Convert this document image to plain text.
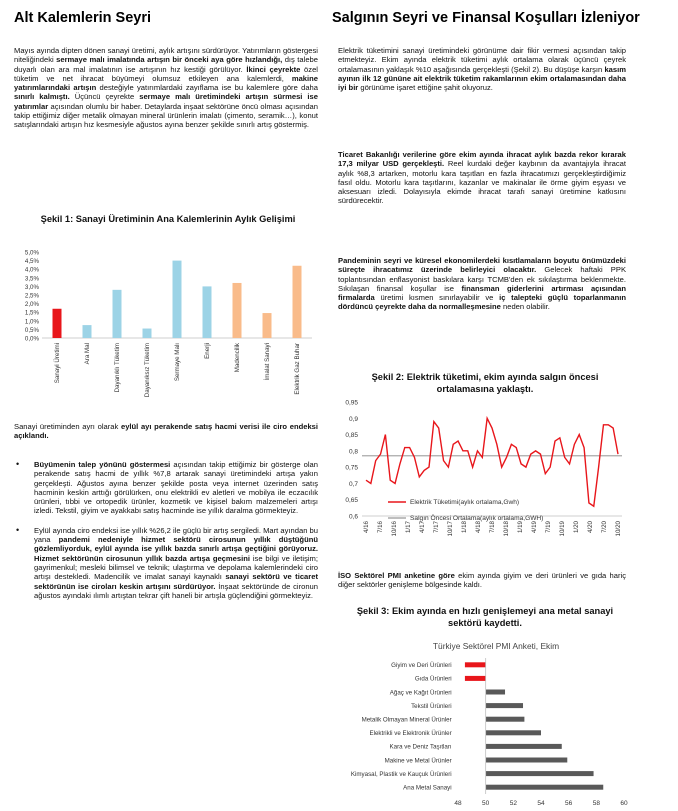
Alt Kalemlerin Seyri

Mayıs ayında dipten dönen sanayi üretimi, aylık artışını sürdürüyor. Yatırımların göstergesi niteliğindeki sermaye malı imalatında artışın bir önceki aya göre hızlandığı, dış talebe duyarlı olan ara mal imalatının ise artışının hız kestiği görülüyor. İkinci çeyrekte özel tüketim ve net ihracat büyümeyi olumsuz etkileyen ana kalemlerdi, makine yatırımlarındaki artışın desteğiyle yatırımlardaki zayıflama ise bu kalemlere göre daha sınırlı kalmıştı. Üçüncü çeyrekte sermaye malı üretimindeki artışın sürmesi ise yatırımlar açısından olumlu bir haber. Detaylarda inşaat sektörüne öncü olması açısından takip ettiğimiz diğer metalik olmayan mineral ürünlerin imalatı (çimento, seramik…), konut satışlarındaki artışın hız kesmesiyle ağustos ayına benzer şekilde sınırlı artış göstermiş.

Şekil 1: Sanayi Üretiminin Ana Kalemlerinin Aylık Gelişimi
0,0%
0,5%
1,0%
1,5%
2,0%
2,5%
3,0%
3,5%
4,0%
4,5%
5,0%
Sanayi Üretimi	Ara Mal	Dayanıklı Tüketim	Dayanıksız Tüketim	Sermaye Malı	Enerji	Madencilik	İmalat Sanayi	Elektrik Gaz Buhar

Sanayi üretiminden ayrı olarak eylül ayı perakende satış hacmi verisi ile ciro endeksi açıklandı.

• Büyümenin talep yönünü göstermesi açısından takip ettiğimiz bir gösterge olan perakende satış hacmi de yıllık %7,8 artarak sanayi üretimindeki artışa yakın gerçekleşti. Ağustos ayına benzer şekilde posta veya internet üzerinden satış hacminin keskin arttığı görülürken, onu elektrikli ev aletleri ve mobilya ile eczacılık ürünleri, tıbbi ve ortopedik ürünler, kozmetik ve kişisel bakım malzemeleri artışı izledi. Tekstil, giyim ve ayakkabı satış hacminde ise yıllık daralma görmekteyiz.
• Eylül ayında ciro endeksi ise yıllık %26,2 ile güçlü bir artış sergiledi. Mart ayından bu yana pandemi nedeniyle hizmet sektörü cirosunun yıllık düştüğünü gözlemliyorduk, eylül ayında ise yıllık bazda sınırlı artışa geçtiğini görüyoruz. Hizmet sektörünün cirosunun yıllık bazda artışa geçmesini ise bilgi ve iletişim; gayrimenkul; mesleki bilimsel ve teknik; ulaştırma ve depolama kalemlerindeki ciro artışı destekledi. Madencilik ve imalat sanayi kaynaklı sanayi sektörü ve ticaret sektörünün ise ciroları keskin artışını sürdürüyor. İnşaat sektöründe de cironun ağustos ayındaki ılımlı artıştan tekrar çift haneli bir artışla güçlendiğini görmekteyiz.
Salgının Seyri ve Finansal Koşulları İzleniyor

Elektrik tüketimini sanayi üretimindeki görünüme dair fikir vermesi açısından takip etmekteyiz. Ekim ayında elektrik tüketimi aylık ortalama olarak üçüncü çeyrek ortalamasının yaklaşık %10 aşağısında gerçekleşti (Şekil 2). Bu düşüşe karşın kasım ayının ilk 12 gününe ait elektrik tüketim rakamlarının ekim ortalamasından daha iyi bir görünüme işaret ettiğine şahit oluyoruz.

Ticaret Bakanlığı verilerine göre ekim ayında ihracat aylık bazda rekor kırarak 17,3 milyar USD gerçekleşti. Reel kurdaki değer kaybının da avantajıyla ihracat aylık %8,3 artarken, motorlu kara taşıtları en fazla ihracatımızı gerçekleştirdiğimiz fasıl oldu. Motorlu kara taşıtlarını, kazanlar ve makinalar ile örme giyim eşyası ve aksesuarı izledi. Dolayısıyla ekimde ihracat tarafı sanayi üretimine katkısını sürdürecektir.

Pandeminin seyri ve küresel ekonomilerdeki kısıtlamaların boyutu önümüzdeki süreçte ihracatımız üzerinde belirleyici olacaktır. Gelecek haftaki PPK toplantısından enflasyonist baskılara karşı TCMB'den ek sıkılaştırma beklenmekte. Sıkılaşan finansal koşullar ise finansman giderlerini artırması açısından firmalarda üretimi kısmen sınırlayabilir ve iç talepteki güçlü toparlanmanın dördüncü çeyrekte daha da normalleşmesine neden olabilir.

Şekil 2: Elektrik tüketimi, ekim ayında salgın öncesi ortalamasına yaklaştı.
0,6
0,65
0,7
0,75
0,8
0,85
0,9
0,95
4/16 7/16 10/16 1/17 4/17 7/17 10/17 1/18 4/18 7/18 10/18 1/19 4/19 7/19 10/19 1/20 4/20 7/20 10/20
Elektrik Tüketimi(aylık ortalama,Gwh)
Salgın Öncesi Ortalama(aylık ortalama,GWH)

İSO Sektörel PMI anketine göre ekim ayında giyim ve deri ürünleri ve gıda hariç diğer sektörler genişleme bölgesinde kaldı.

Şekil 3: Ekim ayında en hızlı genişlemeyi ana metal sanayi sektörü kaydetti.
Türkiye Sektörel PMI Anketi, Ekim
Giyim ve Deri Ürünleri
Gıda Ürünleri
Ağaç ve Kağıt Ürünleri
Tekstil Ürünleri
Metalik Olmayan Mineral Ürünler
Elektrikli ve Elektronik Ürünler
Kara ve Deniz Taşıtları
Makine ve Metal Ürünler
Kimyasal, Plastik ve Kauçuk Ürünleri
Ana Metal Sanayi
48	50	52	54	56	58	60
